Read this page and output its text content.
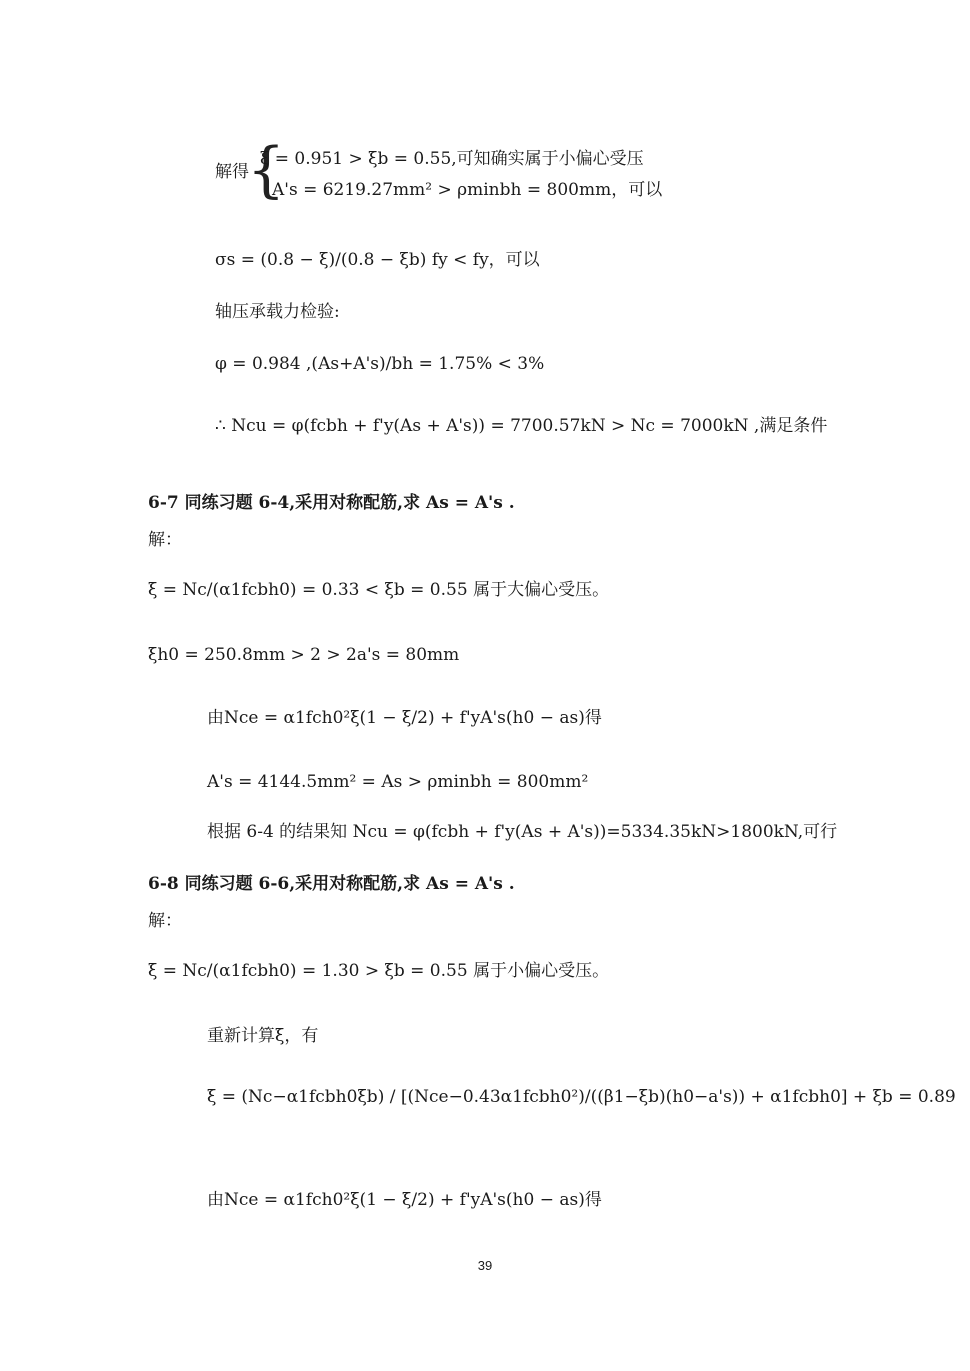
解得
{
ξ = 0.951 > ξb = 0.55,可知确实属于小偏心受压
A's = 6219.27mm² > ρminbh = 800mm，可以
σs = (0.8 − ξ)/(0.8 − ξb) fy < fy，可以
轴压承载力检验:
φ = 0.984 ,(As+A's)/bh = 1.75% < 3%
∴ Ncu = φ(fcbh + f'y(As + A's)) = 7700.57kN > Nc = 7000kN ,满足条件
6-7 同练习题 6-4,采用对称配筋,求 As = A's .
解：
ξ = Nc/(α1fcbh0) = 0.33 < ξb = 0.55 属于大偏心受压。
ξh0 = 250.8mm > 2 > 2a's = 80mm
由Nce = α1fch0²ξ(1 − ξ/2) + f'yA's(h0 − as)得
A's = 4144.5mm² = As > ρminbh = 800mm²
根据 6-4 的结果知 Ncu = φ(fcbh + f'y(As + A's))=5334.35kN>1800kN,可行
6-8 同练习题 6-6,采用对称配筋,求 As = A's .
解：
ξ = Nc/(α1fcbh0) = 1.30 > ξb = 0.55 属于小偏心受压。
重新计算ξ，有
ξ = (Nc−α1fcbh0ξb) / [(Nce−0.43α1fcbh0²)/((β1−ξb)(h0−a's)) + α1fcbh0] + ξb = 0.89
由Nce = α1fch0²ξ(1 − ξ/2) + f'yA's(h0 − as)得
39
